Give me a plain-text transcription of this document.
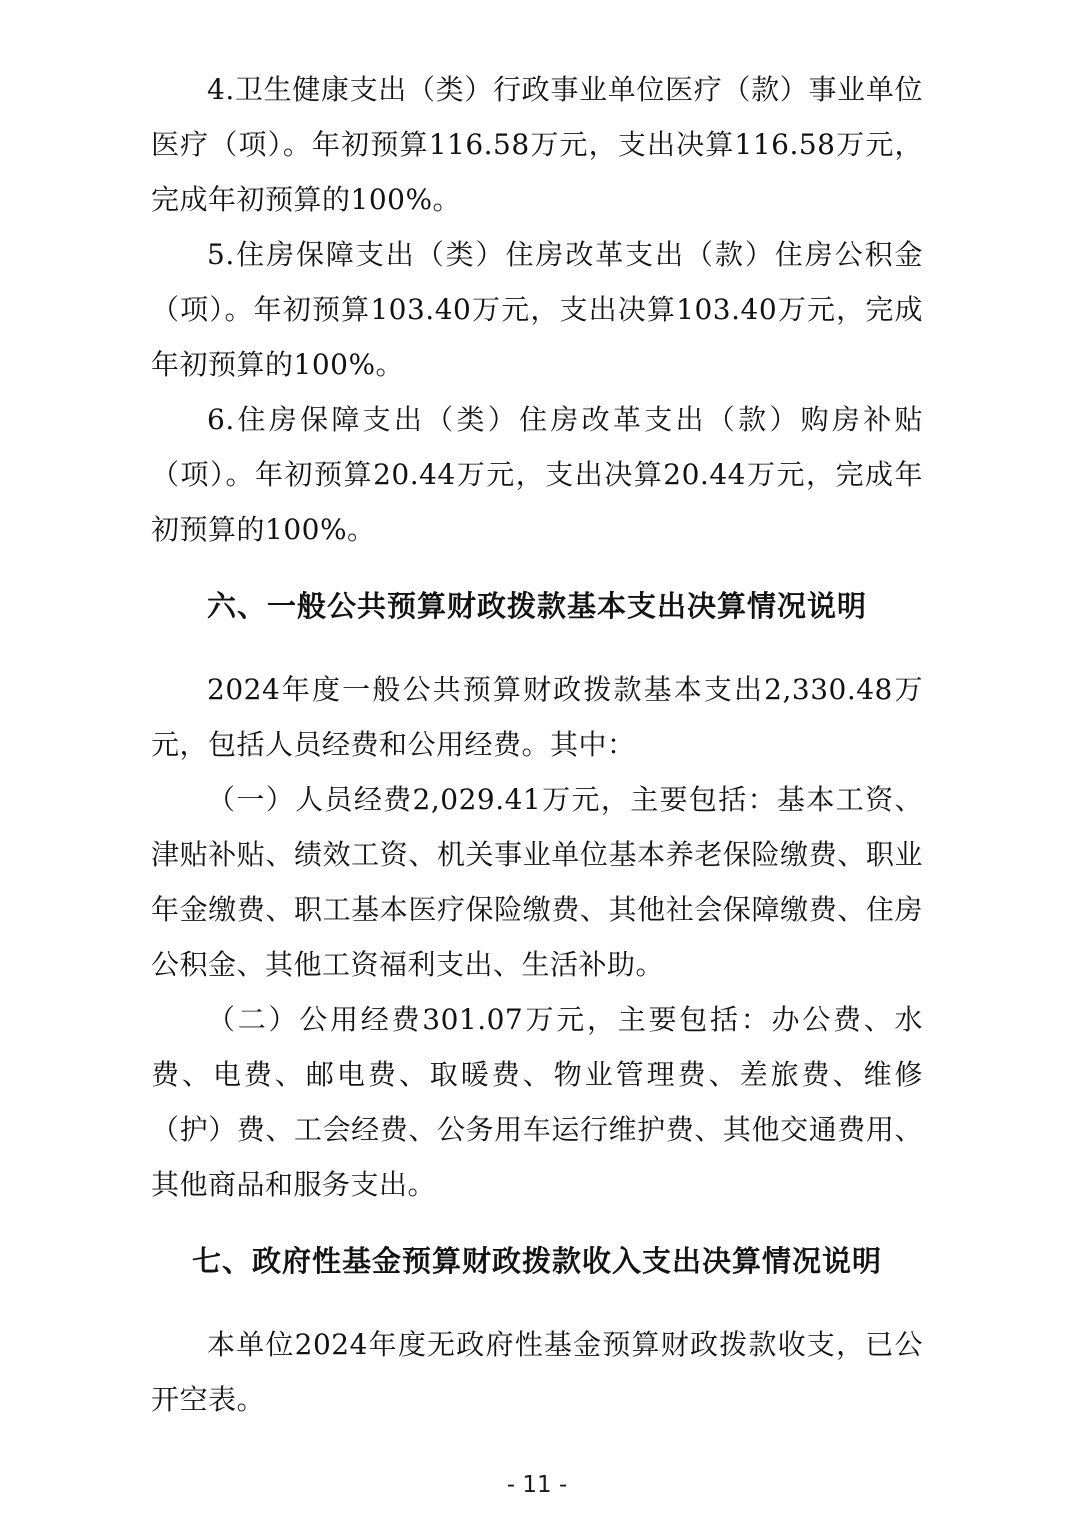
4.卫生健康支出（类）行政事业单位医疗（款）事业单位医疗（项）。年初预算116.58万元，支出决算116.58万元，完成年初预算的100%。

5.住房保障支出（类）住房改革支出（款）住房公积金（项）。年初预算103.40万元，支出决算103.40万元，完成年初预算的100%。

6.住房保障支出（类）住房改革支出（款）购房补贴（项）。年初预算20.44万元，支出决算20.44万元，完成年初预算的100%。

六、一般公共预算财政拨款基本支出决算情况说明

2024年度一般公共预算财政拨款基本支出2,330.48万元，包括人员经费和公用经费。其中：

（一）人员经费2,029.41万元，主要包括：基本工资、津贴补贴、绩效工资、机关事业单位基本养老保险缴费、职业年金缴费、职工基本医疗保险缴费、其他社会保障缴费、住房公积金、其他工资福利支出、生活补助。

（二）公用经费301.07万元，主要包括：办公费、水费、电费、邮电费、取暖费、物业管理费、差旅费、维修（护）费、工会经费、公务用车运行维护费、其他交通费用、其他商品和服务支出。

七、政府性基金预算财政拨款收入支出决算情况说明

本单位2024年度无政府性基金预算财政拨款收支，已公开空表。

- 11 -
